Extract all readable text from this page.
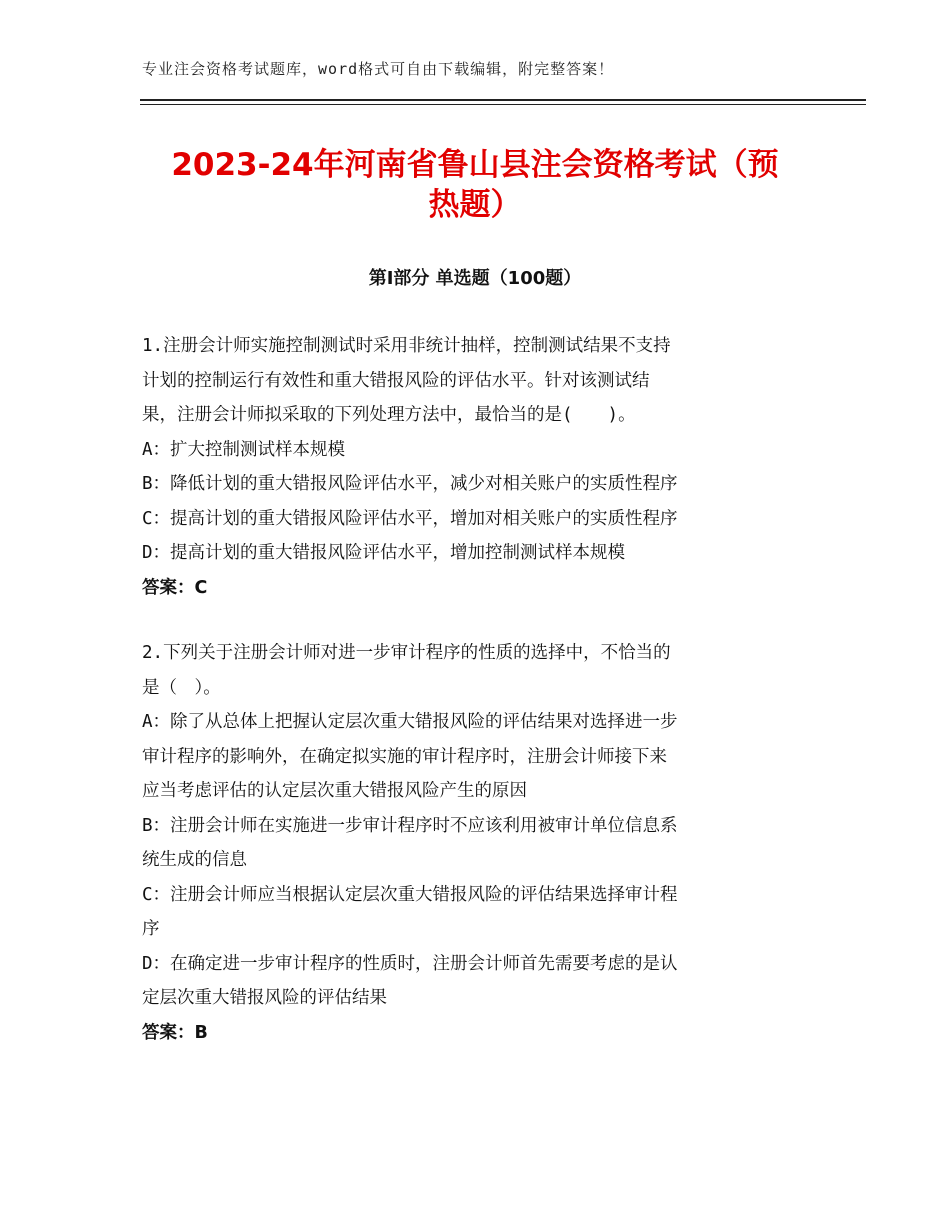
专业注会资格考试题库，word格式可自由下载编辑，附完整答案！
2023-24年河南省鲁山县注会资格考试（预
热题）
第Ⅰ部分 单选题（100题）

1.注册会计师实施控制测试时采用非统计抽样，控制测试结果不支持

计划的控制运行有效性和重大错报风险的评估水平。针对该测试结

果，注册会计师拟采取的下列处理方法中，最恰当的是(　　)。

A：扩大控制测试样本规模

B：降低计划的重大错报风险评估水平，减少对相关账户的实质性程序

C：提高计划的重大错报风险评估水平，增加对相关账户的实质性程序

D：提高计划的重大错报风险评估水平，增加控制测试样本规模

答案：C

2.下列关于注册会计师对进一步审计程序的性质的选择中，不恰当的

是（　）。

A：除了从总体上把握认定层次重大错报风险的评估结果对选择进一步

审计程序的影响外，在确定拟实施的审计程序时，注册会计师接下来

应当考虑评估的认定层次重大错报风险产生的原因

B：注册会计师在实施进一步审计程序时不应该利用被审计单位信息系

统生成的信息

C：注册会计师应当根据认定层次重大错报风险的评估结果选择审计程

序

D：在确定进一步审计程序的性质时，注册会计师首先需要考虑的是认

定层次重大错报风险的评估结果

答案：B
